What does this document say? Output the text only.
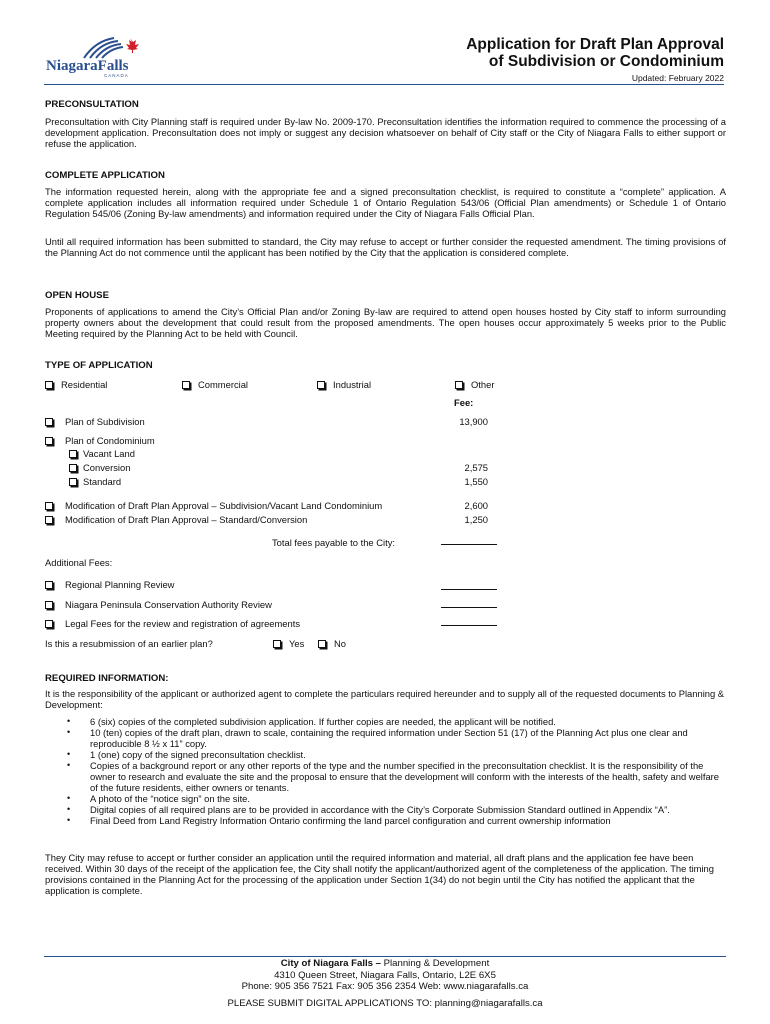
NiagaraFalls
CANADA
Application for Draft Plan Approval
of Subdivision or Condominium
Updated: February 2022
PRECONSULTATION
Preconsultation with City Planning staff is required under By-law No. 2009-170. Preconsultation identifies the information required to commence the processing of a development application. Preconsultation does not imply or suggest any decision whatsoever on behalf of City staff or the City of Niagara Falls to either support or refuse the application.
COMPLETE APPLICATION
The information requested herein, along with the appropriate fee and a signed preconsultation checklist, is required to constitute a “complete” application. A complete application includes all information required under Schedule 1 of Ontario Regulation 543/06 (Official Plan amendments) or Schedule 1 of Ontario Regulation 545/06 (Zoning By-law amendments) and information required under the City of Niagara Falls Official Plan.
Until all required information has been submitted to standard, the City may refuse to accept or further consider the requested amendment. The timing provisions of the Planning Act do not commence until the applicant has been notified by the City that the application is considered complete.
OPEN HOUSE
Proponents of applications to amend the City’s Official Plan and/or Zoning By-law are required to attend open houses hosted by City staff to inform surrounding property owners about the development that could result from the proposed amendments. The open houses occur approximately 5 weeks prior to the Public Meeting required by the Planning Act to be held with Council.
TYPE OF APPLICATION
Residential	Commercial	Industrial	Other
Fee:
Plan of Subdivision	13,900
Plan of Condominium
Vacant Land
Conversion	2,575
Standard	1,550
Modification of Draft Plan Approval – Subdivision/Vacant Land Condominium	2,600
Modification of Draft Plan Approval – Standard/Conversion	1,250
Total fees payable to the City:
Additional Fees:
Regional Planning Review
Niagara Peninsula Conservation Authority Review
Legal Fees for the review and registration of agreements
Is this a resubmission of an earlier plan?	Yes	No
REQUIRED INFORMATION:
It is the responsibility of the applicant or authorized agent to complete the particulars required hereunder and to supply all of the requested documents to Planning & Development:
• 6 (six) copies of the completed subdivision application. If further copies are needed, the applicant will be notified.
• 10 (ten) copies of the draft plan, drawn to scale, containing the required information under Section 51 (17) of the Planning Act plus one clear and reproducible 8 ½ x 11” copy.
• 1 (one) copy of the signed preconsultation checklist.
• Copies of a background report or any other reports of the type and the number specified in the preconsultation checklist. It is the responsibility of the owner to research and evaluate the site and the proposal to ensure that the development will conform with the interests of the health, safety and welfare of the future residents, either owners or tenants.
• A photo of the “notice sign” on the site.
• Digital copies of all required plans are to be provided in accordance with the City’s Corporate Submission Standard outlined in Appendix “A”.
• Final Deed from Land Registry Information Ontario confirming the land parcel configuration and current ownership information
They City may refuse to accept or further consider an application until the required information and material, all draft plans and the application fee have been received. Within 30 days of the receipt of the application fee, the City shall notify the applicant/authorized agent of the completeness of the application. The timing provisions contained in the Planning Act for the processing of the application under Section 1(34) do not begin until the City has notified the applicant that the application is complete.
City of Niagara Falls – Planning & Development
4310 Queen Street, Niagara Falls, Ontario, L2E 6X5
Phone: 905 356 7521 Fax: 905 356 2354 Web: www.niagarafalls.ca
PLEASE SUBMIT DIGITAL APPLICATIONS TO: planning@niagarafalls.ca
